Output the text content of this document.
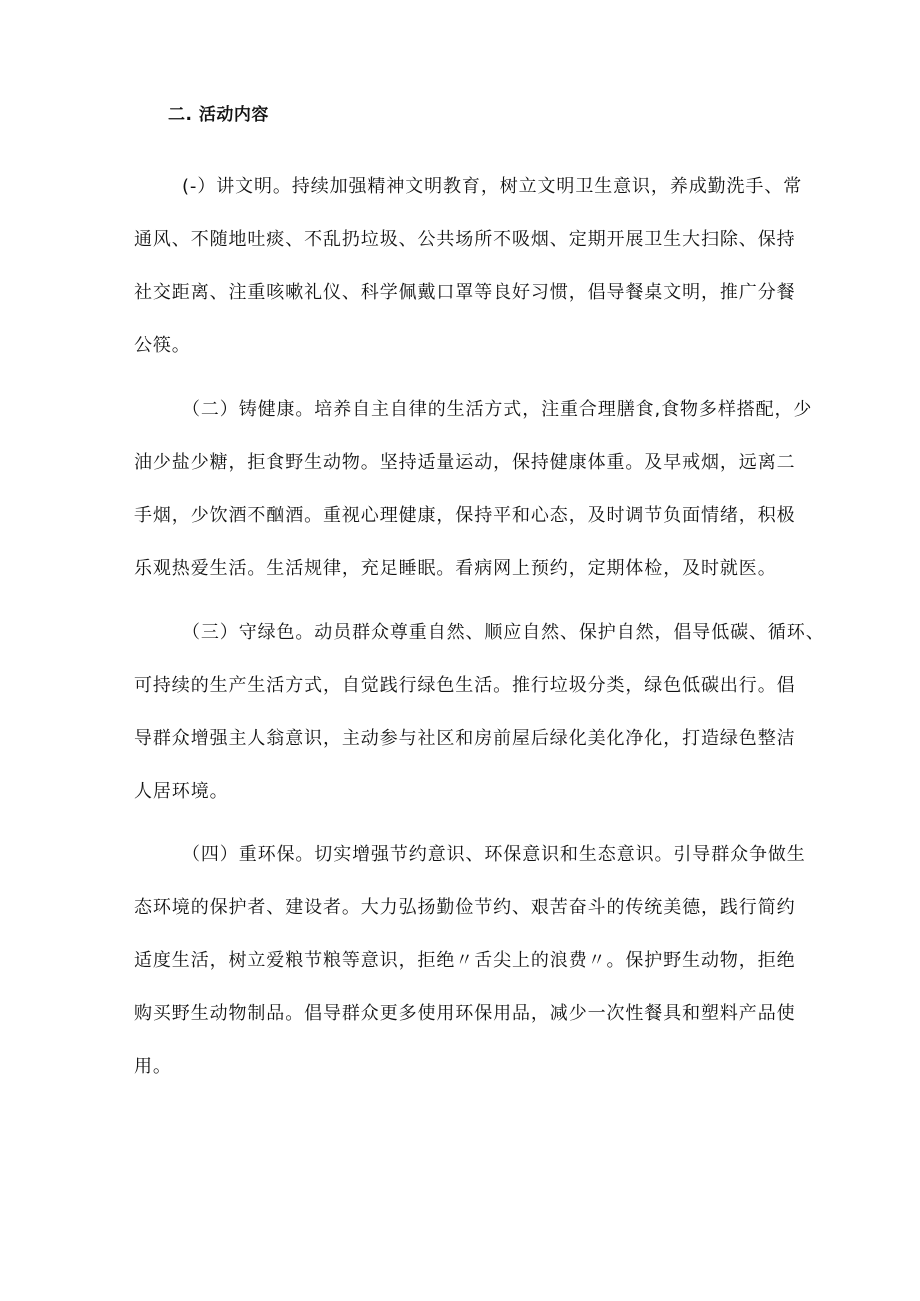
二. 活动内容
(-）讲文明。持续加强精神文明教育，树立文明卫生意识，养成勤洗手、常
通风、不随地吐痰、不乱扔垃圾、公共场所不吸烟、定期开展卫生大扫除、保持
社交距离、注重咳嗽礼仪、科学佩戴口罩等良好习惯，倡导餐桌文明，推广分餐
公筷。
（二）铸健康。培养自主自律的生活方式，注重合理膳食,食物多样搭配，少
油少盐少糖，拒食野生动物。坚持适量运动，保持健康体重。及早戒烟，远离二
手烟，少饮酒不酗酒。重视心理健康，保持平和心态，及时调节负面情绪，积极
乐观热爱生活。生活规律，充足睡眠。看病网上预约，定期体检，及时就医。
（三）守绿色。动员群众尊重自然、顺应自然、保护自然，倡导低碳、循环、
可持续的生产生活方式，自觉践行绿色生活。推行垃圾分类，绿色低碳出行。倡
导群众增强主人翁意识，主动参与社区和房前屋后绿化美化净化，打造绿色整洁
人居环境。
（四）重环保。切实增强节约意识、环保意识和生态意识。引导群众争做生
态环境的保护者、建设者。大力弘扬勤俭节约、艰苦奋斗的传统美德，践行简约
适度生活，树立爱粮节粮等意识，拒绝〃舌尖上的浪费〃。保护野生动物，拒绝
购买野生动物制品。倡导群众更多使用环保用品，减少一次性餐具和塑料产品使
用。
